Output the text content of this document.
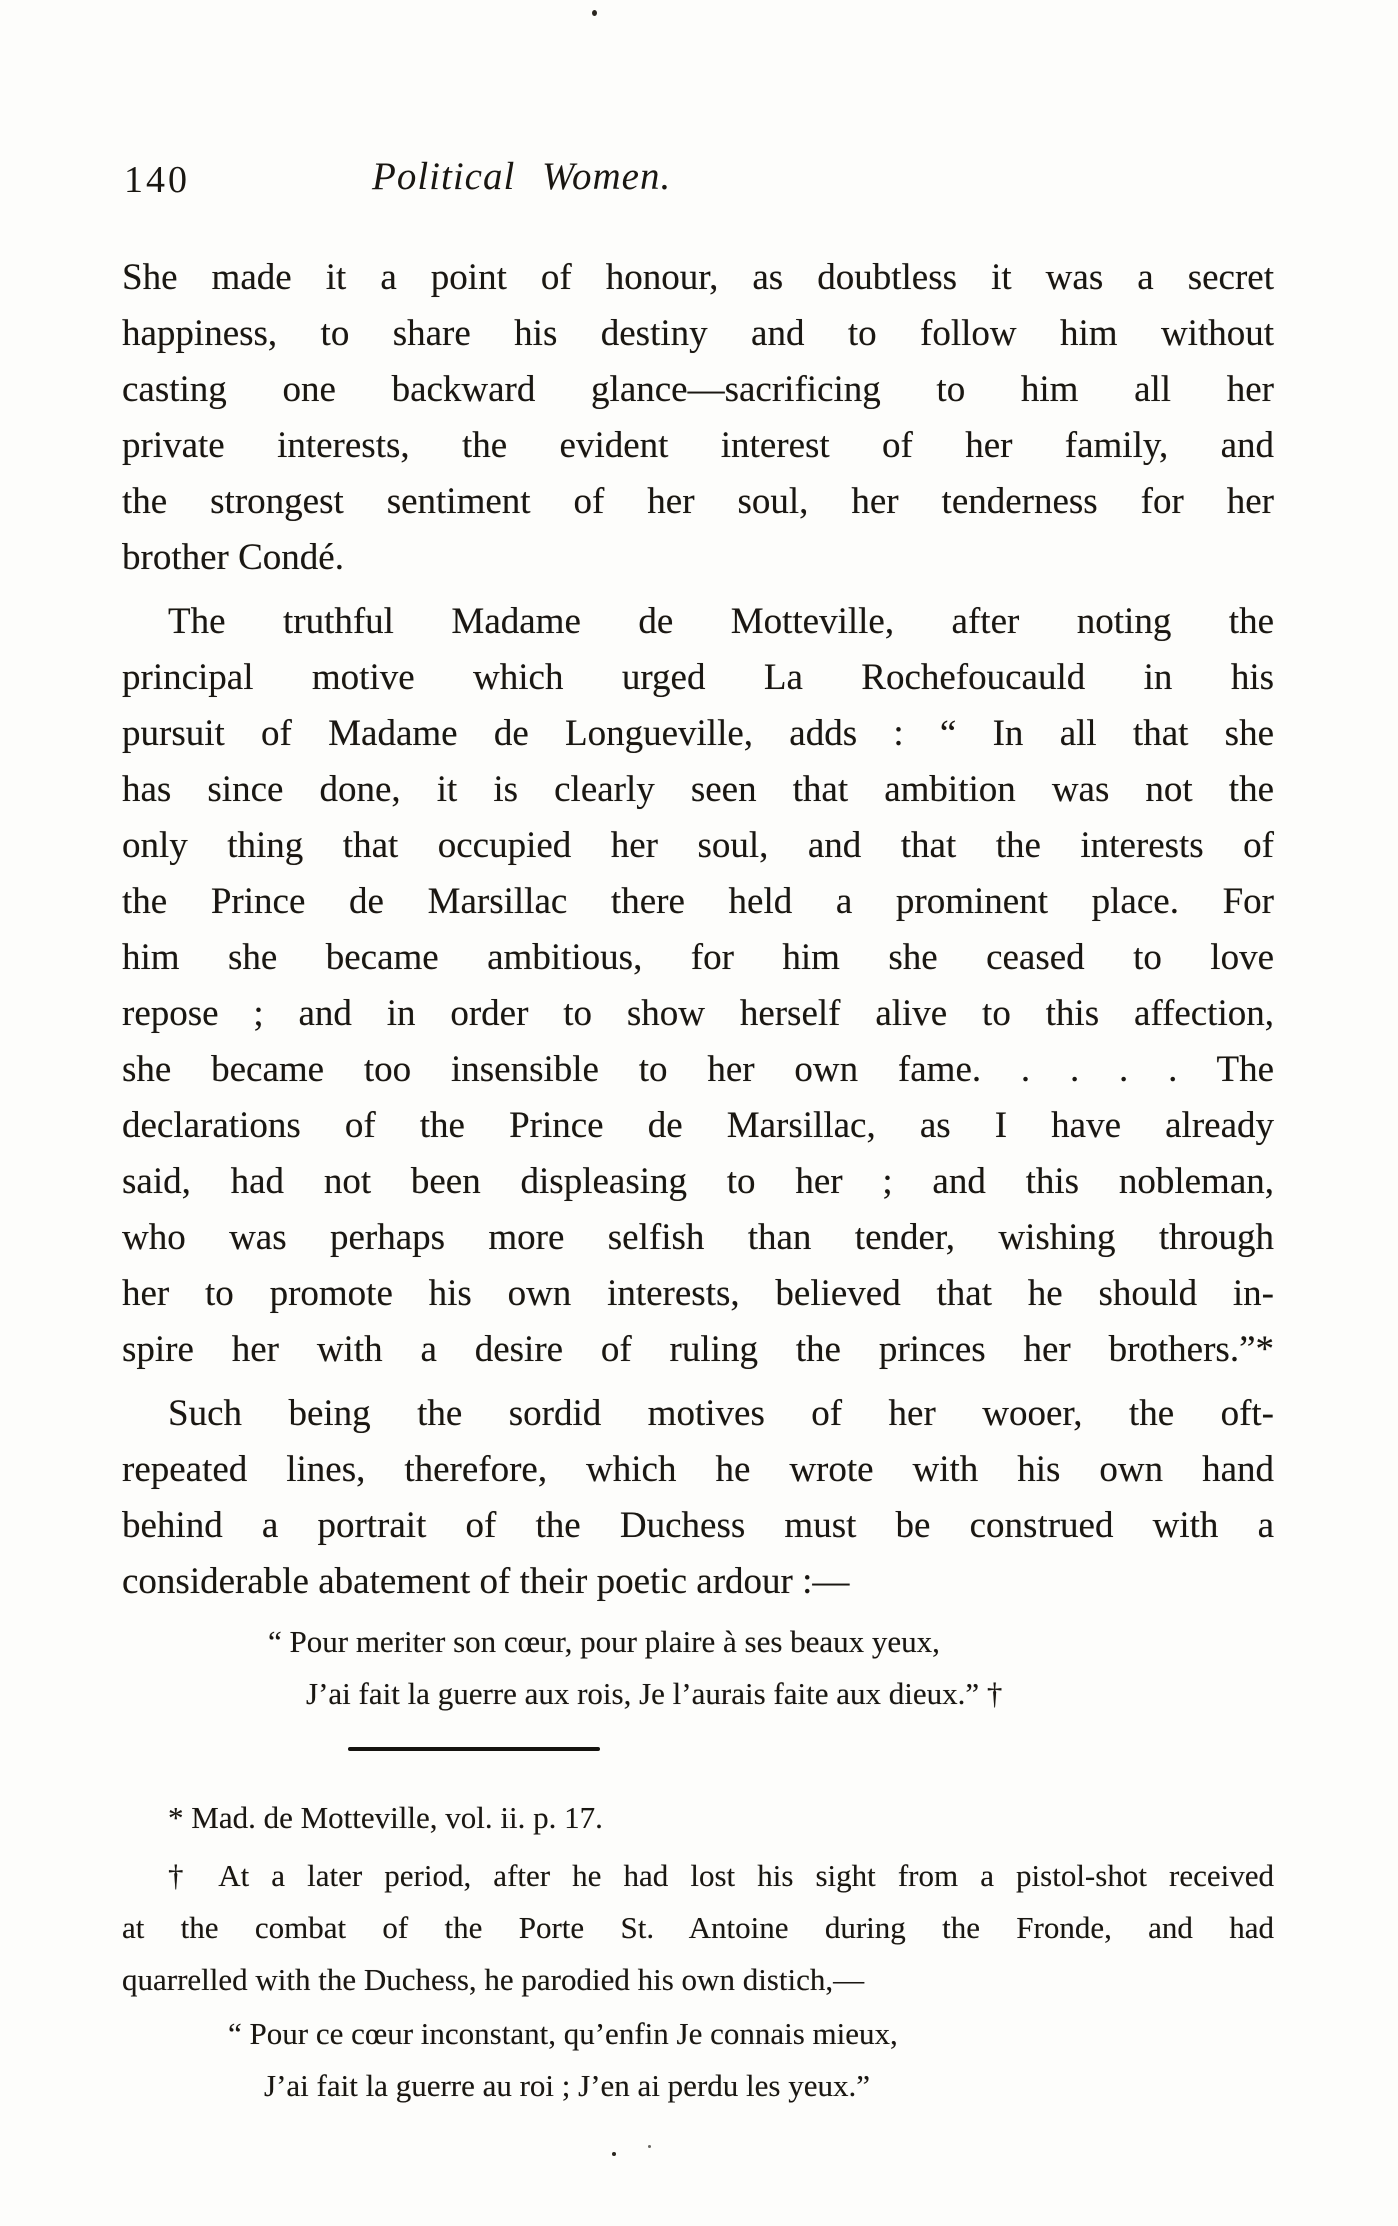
140	Political Women.

She made it a point of honour, as doubtless it was a secret
happiness, to share his destiny and to follow him without
casting one backward glance—sacrificing to him all her
private interests, the evident interest of her family, and
the strongest sentiment of her soul, her tenderness for her
brother Condé.

The truthful Madame de Motteville, after noting the
principal motive which urged La Rochefoucauld in his
pursuit of Madame de Longueville, adds : “ In all that she
has since done, it is clearly seen that ambition was not the
only thing that occupied her soul, and that the interests of
the Prince de Marsillac there held a prominent place. For
him she became ambitious, for him she ceased to love
repose ; and in order to show herself alive to this affection,
she became too insensible to her own fame. . . . . The
declarations of the Prince de Marsillac, as I have already
said, had not been displeasing to her ; and this nobleman,
who was perhaps more selfish than tender, wishing through
her to promote his own interests, believed that he should in-
spire her with a desire of ruling the princes her brothers.”*

Such being the sordid motives of her wooer, the oft-
repeated lines, therefore, which he wrote with his own hand
behind a portrait of the Duchess must be construed with a
considerable abatement of their poetic ardour :—

“ Pour meriter son cœur, pour plaire à ses beaux yeux,
J’ai fait la guerre aux rois, Je l’aurais faite aux dieux.” †

* Mad. de Motteville, vol. ii. p. 17.

† At a later period, after he had lost his sight from a pistol-shot received
at the combat of the Porte St. Antoine during the Fronde, and had
quarrelled with the Duchess, he parodied his own distich,—

“ Pour ce cœur inconstant, qu’enfin Je connais mieux,
J’ai fait la guerre au roi ; J’en ai perdu les yeux.”
